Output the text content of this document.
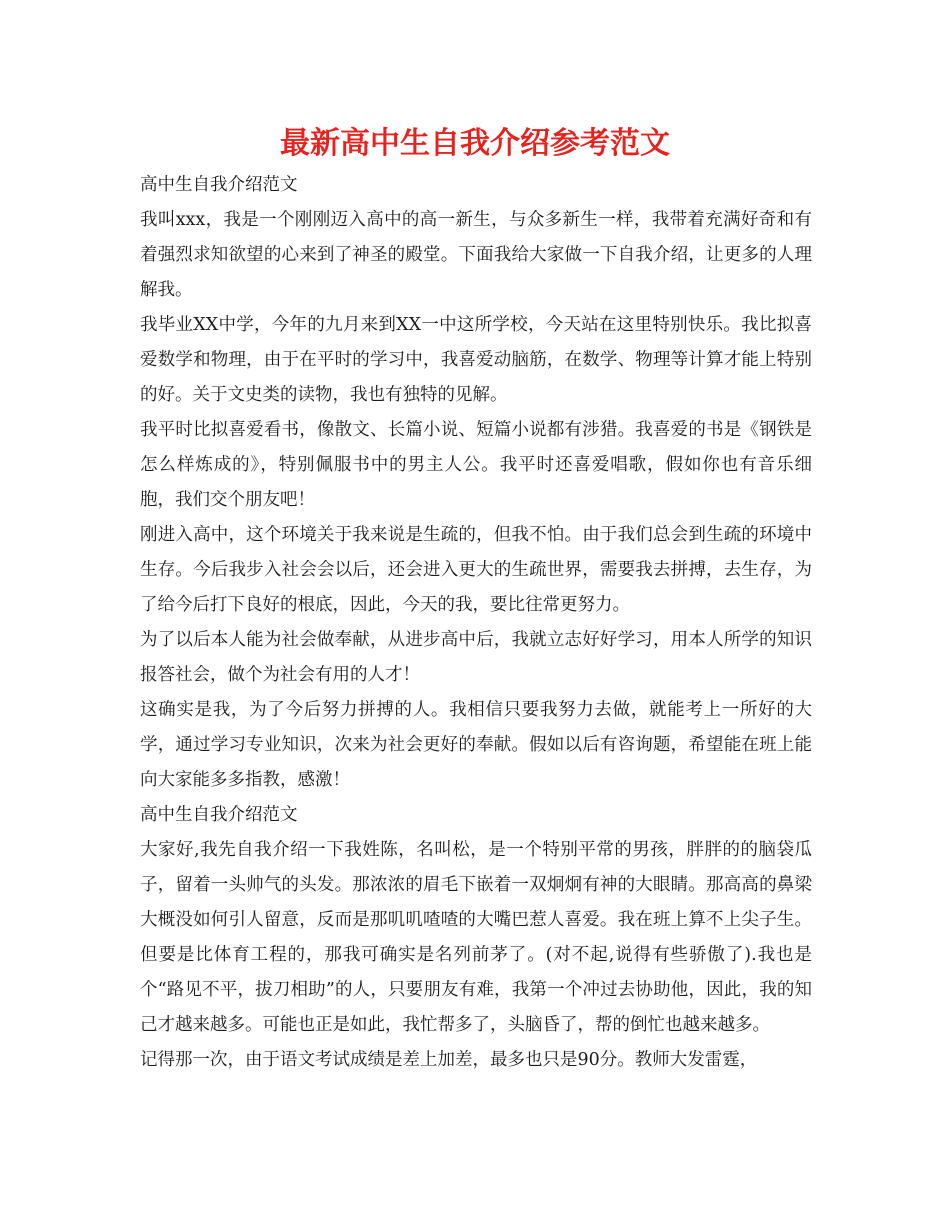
最新高中生自我介绍参考范文

高中生自我介绍范文

我叫xxx，我是一个刚刚迈入高中的高一新生，与众多新生一样，我带着充满好奇和有着强烈求知欲望的心来到了神圣的殿堂。下面我给大家做一下自我介绍，让更多的人理解我。

我毕业XX中学，今年的九月来到XX一中这所学校，今天站在这里特别快乐。我比拟喜爱数学和物理，由于在平时的学习中，我喜爱动脑筋，在数学、物理等计算才能上特别的好。关于文史类的读物，我也有独特的见解。

我平时比拟喜爱看书，像散文、长篇小说、短篇小说都有涉猎。我喜爱的书是《钢铁是怎么样炼成的》，特别佩服书中的男主人公。我平时还喜爱唱歌，假如你也有音乐细胞，我们交个朋友吧！

刚进入高中，这个环境关于我来说是生疏的，但我不怕。由于我们总会到生疏的环境中生存。今后我步入社会会以后，还会进入更大的生疏世界，需要我去拼搏，去生存，为了给今后打下良好的根底，因此，今天的我，要比往常更努力。

为了以后本人能为社会做奉献，从进步高中后，我就立志好好学习，用本人所学的知识报答社会，做个为社会有用的人才！

这确实是我，为了今后努力拼搏的人。我相信只要我努力去做，就能考上一所好的大学，通过学习专业知识，次来为社会更好的奉献。假如以后有咨询题，希望能在班上能向大家能多多指教，感激！

高中生自我介绍范文

大家好,我先自我介绍一下我姓陈，名叫松，是一个特别平常的男孩，胖胖的的脑袋瓜子，留着一头帅气的头发。那浓浓的眉毛下嵌着一双炯炯有神的大眼睛。那高高的鼻梁大概没如何引人留意，反而是那叽叽喳喳的大嘴巴惹人喜爱。我在班上算不上尖子生。但要是比体育工程的，那我可确实是名列前茅了。(对不起,说得有些骄傲了).我也是个“路见不平，拔刀相助”的人，只要朋友有难，我第一个冲过去协助他，因此，我的知己才越来越多。可能也正是如此，我忙帮多了，头脑昏了，帮的倒忙也越来越多。

记得那一次，由于语文考试成绩是差上加差，最多也只是90分。教师大发雷霆，
